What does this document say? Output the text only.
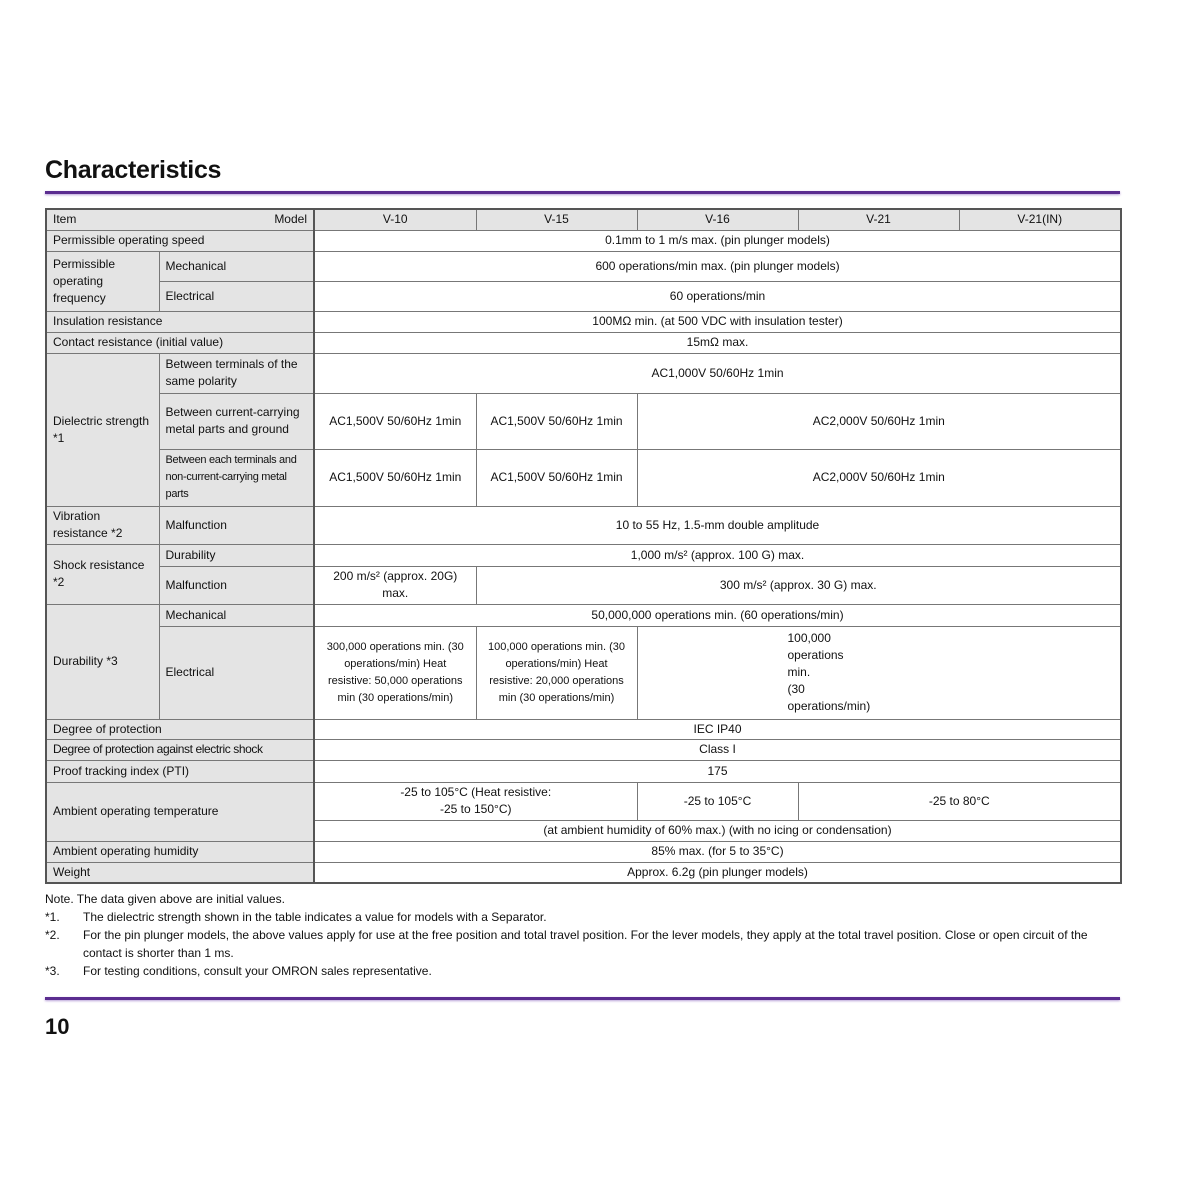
Characteristics
Item Model		V-10	V-15	V-16	V-21	V-21(IN)
Permissible operating speed		0.1mm to 1 m/s max. (pin plunger models)				
Permissible operating frequency	Mechanical	600 operations/min max. (pin plunger models)				
	Electrical	60 operations/min				
Insulation resistance		100MΩ min. (at 500 VDC with insulation tester)				
Contact resistance (initial value)		15mΩ max.				
Dielectric strength *1	Between terminals of the same polarity	AC1,000V 50/60Hz 1min				
	Between current-carrying metal parts and ground	AC1,500V 50/60Hz 1min	AC1,500V 50/60Hz 1min	AC2,000V 50/60Hz 1min		
	Between each terminals and non-current-carrying metal parts	AC1,500V 50/60Hz 1min	AC1,500V 50/60Hz 1min	AC2,000V 50/60Hz 1min		
Vibration resistance *2	Malfunction	10 to 55 Hz, 1.5-mm double amplitude				
Shock resistance *2	Durability	1,000 m/s² (approx. 100 G) max.				
	Malfunction	200 m/s² (approx. 20G) max.	300 m/s² (approx. 30 G) max.			
Durability *3	Mechanical	50,000,000 operations min. (60 operations/min)				
	Electrical	300,000 operations min. (30 operations/min) Heat resistive: 50,000 operations min (30 operations/min)	100,000 operations min. (30 operations/min) Heat resistive: 20,000 operations min (30 operations/min)	100,000 operations min. (30 operations/min)		
Degree of protection		IEC IP40				
Degree of protection against electric shock		Class I				
Proof tracking index (PTI)		175				
Ambient operating temperature		-25 to 105°C (Heat resistive: -25 to 150°C)		-25 to 105°C	-25 to 80°C	
		(at ambient humidity of 60% max.) (with no icing or condensation)				
Ambient operating humidity		85% max. (for 5 to 35°C)				
Weight		Approx. 6.2g (pin plunger models)				
Note. The data given above are initial values.
*1.	The dielectric strength shown in the table indicates a value for models with a Separator.
*2.	For the pin plunger models, the above values apply for use at the free position and total travel position. For the lever models, they apply at the total travel position. Close or open circuit of the contact is shorter than 1 ms.
*3.	For testing conditions, consult your OMRON sales representative.
10
